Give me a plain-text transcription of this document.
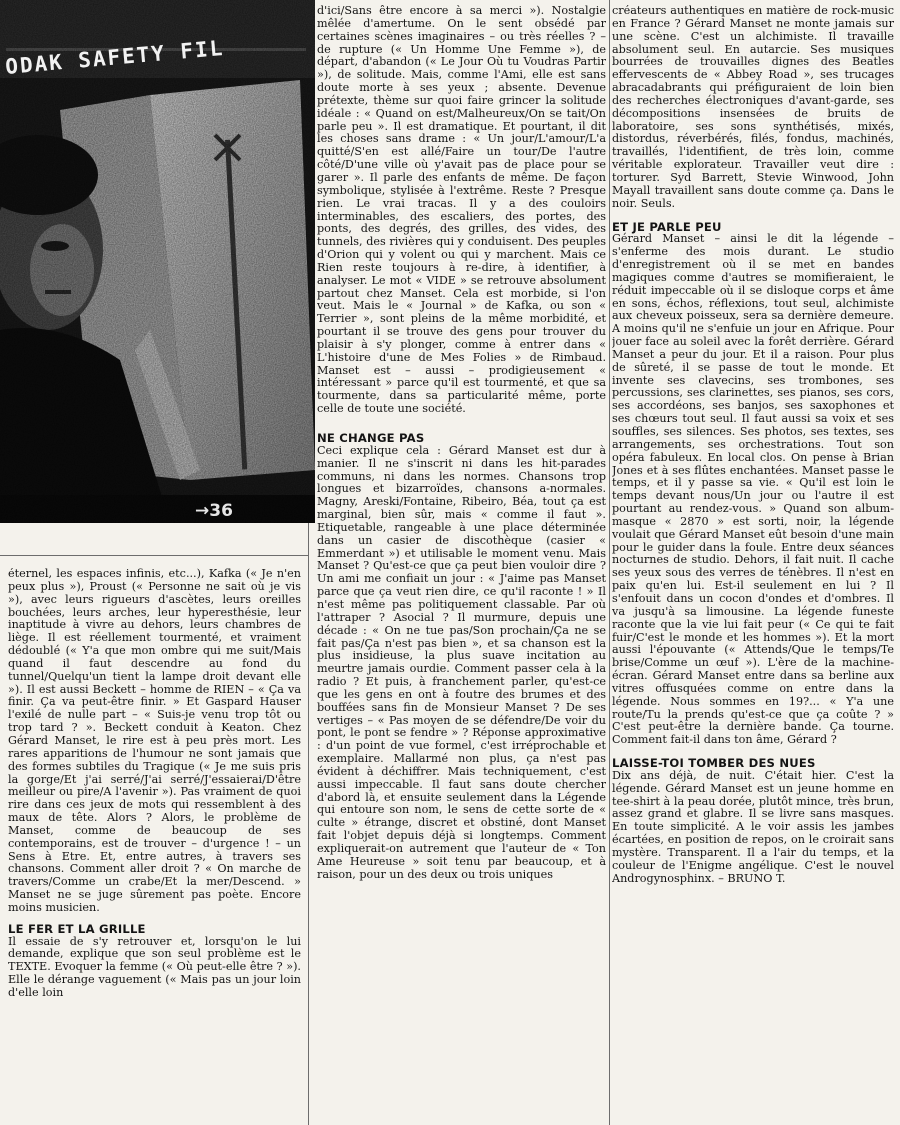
ODAK SAFETY FIL
→36

éternel, les espaces infinis, etc...), Kafka (« Je n'en peux plus »), Proust (« Personne ne sait où je vis »), avec leurs rigueurs d'ascètes, leurs oreilles bouchées, leurs arches, leur hyperesthésie, leur inaptitude à vivre au dehors, leurs chambres de liège. Il est réellement tourmenté, et vraiment dédoublé (« Y'a que mon ombre qui me suit/Mais quand il faut descendre au fond du tunnel/Quelqu'un tient la lampe droit devant elle »). Il est aussi Beckett – homme de RIEN – « Ça va finir. Ça va peut-être finir. » Et Gaspard Hauser l'exilé de nulle part – « Suis-je venu trop tôt ou trop tard ? ». Beckett conduit à Keaton. Chez Gérard Manset, le rire est à peu près mort. Les rares apparitions de l'humour ne sont jamais que des formes subtiles du Tragique (« Je me suis pris la gorge/Et j'ai serré/J'ai serré/J'essaierai/D'être meilleur ou pire/A l'avenir »). Pas vraiment de quoi rire dans ces jeux de mots qui ressemblent à des maux de tête. Alors ? Alors, le problème de Manset, comme de beaucoup de ses contemporains, est de trouver – d'urgence ! – un Sens à Etre. Et, entre autres, à travers ses chansons. Comment aller droit ? « On marche de travers/Comme un crabe/Et la mer/Descend. » Manset ne se juge sûrement pas poète. Encore moins musicien.

LE FER ET LA GRILLE

Il essaie de s'y retrouver et, lorsqu'on le lui demande, explique que son seul problème est le TEXTE. Evoquer la femme (« Où peut-elle être ? »). Elle le dérange vaguement (« Mais pas un jour loin d'elle loin

d'ici/Sans être encore à sa merci »). Nostalgie mêlée d'amertume. On le sent obsédé par certaines scènes imaginaires – ou très réelles ? – de rupture (« Un Homme Une Femme »), de départ, d'abandon (« Le Jour Où tu Voudras Partir »), de solitude. Mais, comme l'Ami, elle est sans doute morte à ses yeux ; absente. Devenue prétexte, thème sur quoi faire grincer la solitude idéale : « Quand on est/Malheureux/On se tait/On parle peu ». Il est dramatique. Et pourtant, il dit les choses sans drame : « Un jour/L'amour/L'a quitté/S'en est allé/Faire un tour/De l'autre côté/D'une ville où y'avait pas de place pour se garer ». Il parle des enfants de même. De façon symbolique, stylisée à l'extrême. Reste ? Presque rien. Le vrai tracas. Il y a des couloirs interminables, des escaliers, des portes, des ponts, des degrés, des grilles, des vides, des tunnels, des rivières qui y conduisent. Des peuples d'Orion qui y volent ou qui y marchent. Mais ce Rien reste toujours à re-dire, à identifier, à analyser. Le mot « VIDE » se retrouve absolument partout chez Manset. Cela est morbide, si l'on veut. Mais le « Journal » de Kafka, ou son « Terrier », sont pleins de la même morbidité, et pourtant il se trouve des gens pour trouver du plaisir à s'y plonger, comme à entrer dans « L'histoire d'une de Mes Folies » de Rimbaud. Manset est – aussi – prodigieusement « intéressant » parce qu'il est tourmenté, et que sa tourmente, dans sa particularité même, porte celle de toute une société.

NE CHANGE PAS

Ceci explique cela : Gérard Manset est dur à manier. Il ne s'inscrit ni dans les hit-parades communs, ni dans les normes. Chansons trop longues et bizarroïdes, chansons a-normales. Magny, Areski/Fontaine, Ribeiro, Béa, tout ça est marginal, bien sûr, mais « comme il faut ». Etiquetable, rangeable à une place déterminée dans un casier de discothèque (casier « Emmerdant ») et utilisable le moment venu. Mais Manset ? Qu'est-ce que ça peut bien vouloir dire ? Un ami me confiait un jour : « J'aime pas Manset parce que ça veut rien dire, ce qu'il raconte ! » Il n'est même pas politiquement classable. Par où l'attraper ? Asocial ? Il murmure, depuis une décade : « On ne tue pas/Son prochain/Ça ne se fait pas/Ça n'est pas bien », et sa chanson est la plus insidieuse, la plus suave incitation au meurtre jamais ourdie. Comment passer cela à la radio ? Et puis, à franchement parler, qu'est-ce que les gens en ont à foutre des brumes et des bouffées sans fin de Monsieur Manset ? De ses vertiges – « Pas moyen de se défendre/De voir du pont, le pont se fendre » ? Réponse approximative : d'un point de vue formel, c'est irréprochable et exemplaire. Mallarmé non plus, ça n'est pas évident à déchiffrer. Mais techniquement, c'est aussi impeccable. Il faut sans doute chercher d'abord là, et ensuite seulement dans la Légende qui entoure son nom, le sens de cette sorte de « culte » étrange, discret et obstiné, dont Manset fait l'objet depuis déjà si longtemps. Comment expliquerait-on autrement que l'auteur de « Ton Ame Heureuse » soit tenu par beaucoup, et à raison, pour un des deux ou trois uniques

créateurs authentiques en matière de rock-music en France ? Gérard Manset ne monte jamais sur une scène. C'est un alchimiste. Il travaille absolument seul. En autarcie. Ses musiques bourrées de trouvailles dignes des Beatles effervescents de « Abbey Road », ses trucages abracadabrants qui préfiguraient de loin bien des recherches électroniques d'avant-garde, ses décompositions insensées de bruits de laboratoire, ses sons synthétisés, mixés, distordus, réverbérés, filés, fondus, machinés, travaillés, l'identifient, de très loin, comme véritable explorateur. Travailler veut dire : torturer. Syd Barrett, Stevie Winwood, John Mayall travaillent sans doute comme ça. Dans le noir. Seuls.

ET JE PARLE PEU

Gérard Manset – ainsi le dit la légende – s'enferme des mois durant. Le studio d'enregistrement où il se met en bandes magiques comme d'autres se momifieraient, le réduit impeccable où il se disloque corps et âme en sons, échos, réflexions, tout seul, alchimiste aux cheveux poisseux, sera sa dernière demeure. A moins qu'il ne s'enfuie un jour en Afrique. Pour jouer face au soleil avec la forêt derrière. Gérard Manset a peur du jour. Et il a raison. Pour plus de sûreté, il se passe de tout le monde. Et invente ses clavecins, ses trombones, ses percussions, ses clarinettes, ses pianos, ses cors, ses accordéons, ses banjos, ses saxophones et ses chœurs tout seul. Il faut aussi sa voix et ses souffles, ses silences. Ses photos, ses textes, ses arrangements, ses orchestrations. Tout son opéra fabuleux. En local clos. On pense à Brian Jones et à ses flûtes enchantées. Manset passe le temps, et il y passe sa vie. « Qu'il est loin le temps devant nous/Un jour ou l'autre il est pourtant au rendez-vous. » Quand son album-masque « 2870 » est sorti, noir, la légende voulait que Gérard Manset eût besoin d'une main pour le guider dans la foule. Entre deux séances nocturnes de studio. Dehors, il fait nuit. Il cache ses yeux sous des verres de ténèbres. Il n'est en paix qu'en lui. Est-il seulement en lui ? Il s'enfouit dans un cocon d'ondes et d'ombres. Il va jusqu'à sa limousine. La légende funeste raconte que la vie lui fait peur (« Ce qui te fait fuir/C'est le monde et les hommes »). Et la mort aussi l'épouvante (« Attends/Que le temps/Te brise/Comme un œuf »). L'ère de la machine-écran. Gérard Manset entre dans sa berline aux vitres offusquées comme on entre dans la légende. Nous sommes en 19?... « Y'a une route/Tu la prends qu'est-ce que ça coûte ? » C'est peut-être la dernière bande. Ça tourne. Comment fait-il dans ton âme, Gérard ?

LAISSE-TOI TOMBER DES NUES

Dix ans déjà, de nuit. C'était hier. C'est la légende. Gérard Manset est un jeune homme en tee-shirt à la peau dorée, plutôt mince, très brun, assez grand et glabre. Il se livre sans masques. En toute simplicité. A le voir assis les jambes écartées, en position de repos, on le croirait sans mystère. Transparent. Il a l'air du temps, et la couleur de l'Enigme angélique. C'est le nouvel Androgynosphinx. – BRUNO T.
